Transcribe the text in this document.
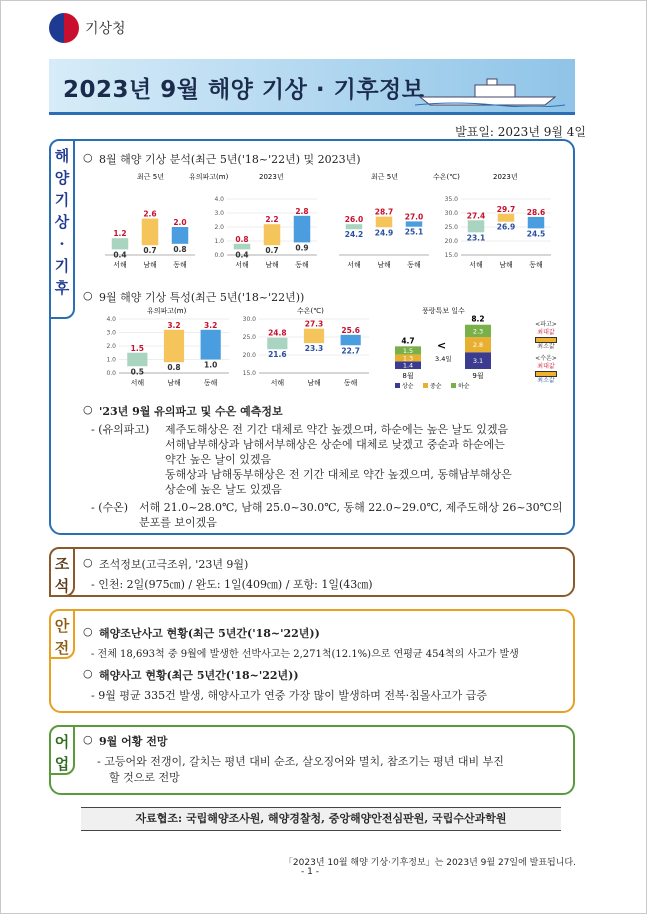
기상청
2023년 9월 해양 기상 · 기후정보
발표일: 2023년 9월 4일
해
양
기
상
·
기
후
○ 8월 해양 기상 분석(최근 5년('18~'22년) 및 2023년)
최근 5년	유의파고(m)	2023년
서해 남해 동해
1.2
0.4
2.6
0.7
2.0
0.8
0.0
1.0
2.0
3.0
4.0
서해 남해 동해
0.8
0.4
2.2
0.7
2.8
0.9
최근 5년	수온(℃)	2023년
서해 남해 동해
26.0
24.2
28.7
24.9
27.0
25.1
15.0
20.0
25.0
30.0
35.0
서해 남해 동해
27.4
23.1
29.7
26.9
28.6
24.5
○ 9월 해양 기상 특성(최근 5년('18~'22년))
유의파고(m)
0.0
1.0
2.0
3.0
4.0
서해	남해	동해
1.5
0.5
3.2
0.8
3.2
1.0
수온(℃)
15.0
20.0
25.0
30.0
서해	남해	동해
24.8
21.6
27.3
23.3
25.6
22.7
풍랑특보 일수
1.4
1.3
1.5
4.7
8월
3.1
2.8
2.3
8.2
9월
<
3.4일
상순	중순	하순
<파고>
최대값
최소값
<수온>
최대값
최소값
○ '23년 9월 유의파고 및 수온 예측정보
- (유의파고) 제주도해상은 전 기간 대체로 약간 높겠으며, 하순에는 높은 날도 있겠음
서해남부해상과 남해서부해상은 상순에 대체로 낮겠고 중순과 하순에는
약간 높은 날이 있겠음
동해상과 남해동부해상은 전 기간 대체로 약간 높겠으며, 동해남부해상은
상순에 높은 날도 있겠음
- (수온) 서해 21.0~28.0℃, 남해 25.0~30.0℃, 동해 22.0~29.0℃, 제주도해상 26~30℃의
분포를 보이겠음
조
석
○ 조석정보(고극조위, '23년 9월)
- 인천: 2일(975㎝) / 완도: 1일(409㎝) / 포항: 1일(43㎝)
안
전
○ 해양조난사고 현황(최근 5년간('18~'22년))
- 전체 18,693척 중 9월에 발생한 선박사고는 2,271척(12.1%)으로 연평균 454척의 사고가 발생
○ 해양사고 현황(최근 5년간('18~'22년))
- 9월 평균 335건 발생, 해양사고가 연중 가장 많이 발생하며 전복·침몰사고가 급증
어
업
○ 9월 어황 전망
- 고등어와 전갱이, 갈치는 평년 대비 순조, 살오징어와 멸치, 참조기는 평년 대비 부진
할 것으로 전망
자료협조: 국립해양조사원, 해양경찰청, 중앙해양안전심판원, 국립수산과학원
「2023년 10월 해양 기상·기후정보」는 2023년 9월 27일에 발표됩니다.
- 1 -
